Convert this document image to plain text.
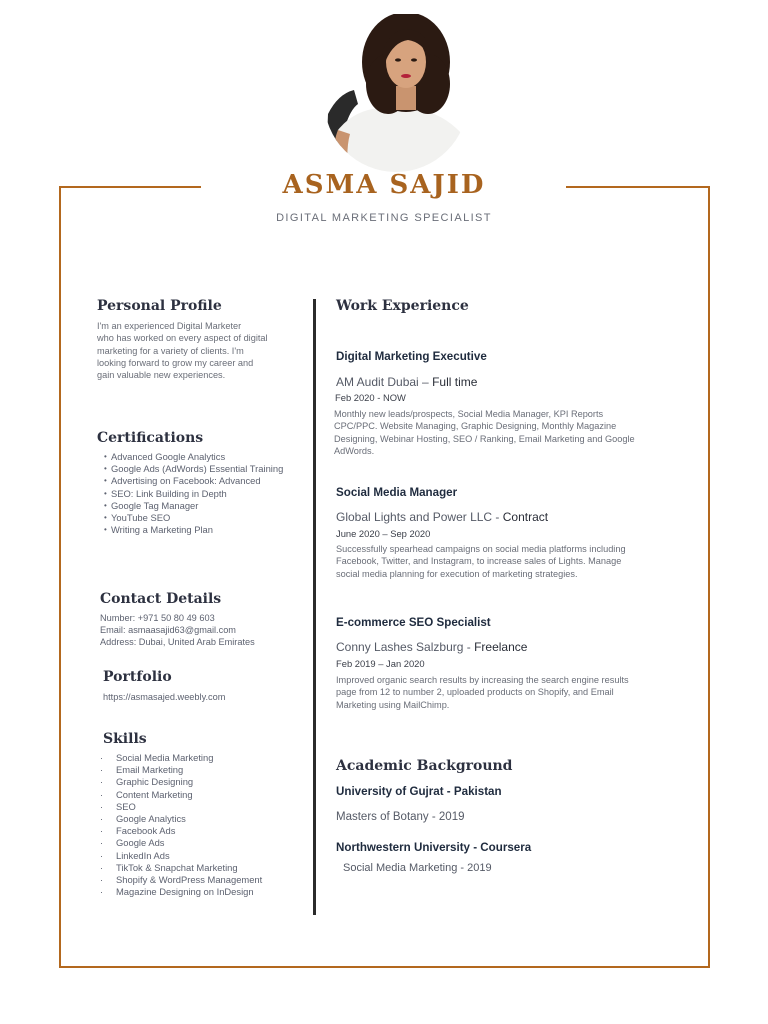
ASMA SAJID
DIGITAL MARKETING SPECIALIST
Personal Profile
I'm an experienced Digital Marketer
who has worked on every aspect of digital
marketing for a variety of clients. I'm
looking forward to grow my career and
gain valuable new experiences.
Certifications
• Advanced Google Analytics
• Google Ads (AdWords) Essential Training
• Advertising on Facebook: Advanced
• SEO: Link Building in Depth
• Google Tag Manager
• YouTube SEO
• Writing a Marketing Plan
Contact Details
Number: +971 50 80 49 603
Email: asmaasajid63@gmail.com
Address: Dubai, United Arab Emirates
Portfolio
https://asmasajed.weebly.com
Skills
· Social Media Marketing
· Email Marketing
· Graphic Designing
· Content Marketing
· SEO
· Google Analytics
· Facebook Ads
· Google Ads
· LinkedIn Ads
· TikTok & Snapchat Marketing
· Shopify & WordPress Management
· Magazine Designing on InDesign
Work Experience
Digital Marketing Executive
AM Audit Dubai – Full time
Feb 2020 - NOW
Monthly new leads/prospects, Social Media Manager, KPI Reports
CPC/PPC. Website Managing, Graphic Designing, Monthly Magazine
Designing, Webinar Hosting, SEO / Ranking, Email Marketing and Google
AdWords.
Social Media Manager
Global Lights and Power LLC - Contract
June 2020 – Sep 2020
Successfully spearhead campaigns on social media platforms including
Facebook, Twitter, and Instagram, to increase sales of Lights. Manage
social media planning for execution of marketing strategies.
E-commerce SEO Specialist
Conny Lashes Salzburg - Freelance
Feb 2019 – Jan 2020
Improved organic search results by increasing the search engine results
page from 12 to number 2, uploaded products on Shopify, and Email
Marketing using MailChimp.
Academic Background
University of Gujrat - Pakistan
Masters of Botany - 2019
Northwestern University - Coursera
Social Media Marketing - 2019
